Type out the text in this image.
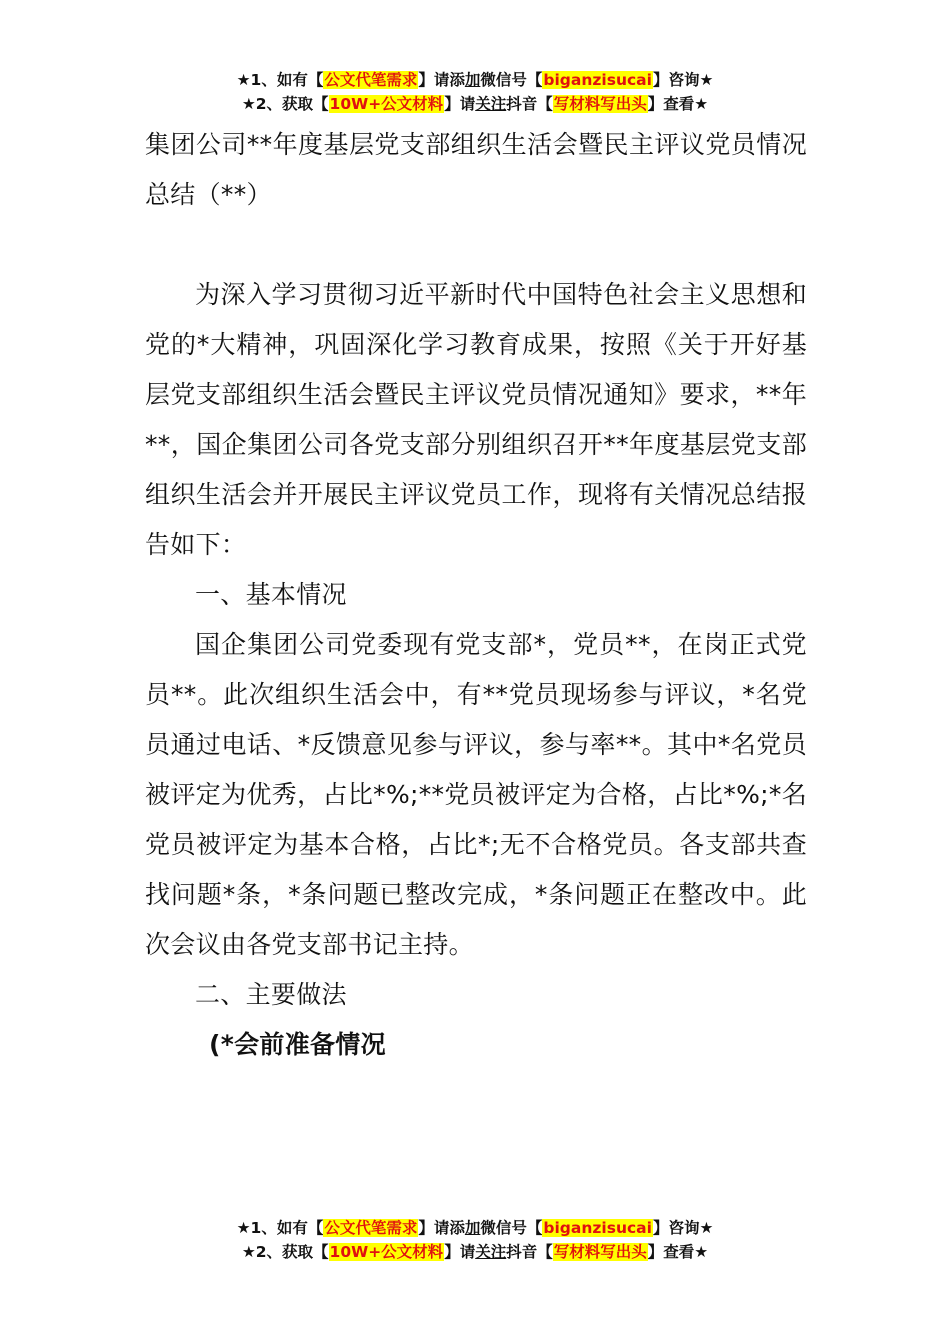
★1、如有【公文代笔需求】请添加微信号【biganzisucai】咨询★
★2、获取【10W+公文材料】请关注抖音【写材料写出头】查看★

集团公司**年度基层党支部组织生活会暨民主评议党员情况总结（**）

为深入学习贯彻习近平新时代中国特色社会主义思想和党的*大精神，巩固深化学习教育成果，按照《关于开好基层党支部组织生活会暨民主评议党员情况通知》要求，**年**，国企集团公司各党支部分别组织召开**年度基层党支部组织生活会并开展民主评议党员工作，现将有关情况总结报告如下：

一、基本情况

国企集团公司党委现有党支部*，党员**，在岗正式党员**。此次组织生活会中，有**党员现场参与评议，*名党员通过电话、*反馈意见参与评议，参与率**。其中*名党员被评定为优秀，占比*%;**党员被评定为合格，占比*%;*名党员被评定为基本合格，占比*;无不合格党员。各支部共查找问题*条，*条问题已整改完成，*条问题正在整改中。此次会议由各党支部书记主持。

二、主要做法

(*会前准备情况

★1、如有【公文代笔需求】请添加微信号【biganzisucai】咨询★
★2、获取【10W+公文材料】请关注抖音【写材料写出头】查看★
